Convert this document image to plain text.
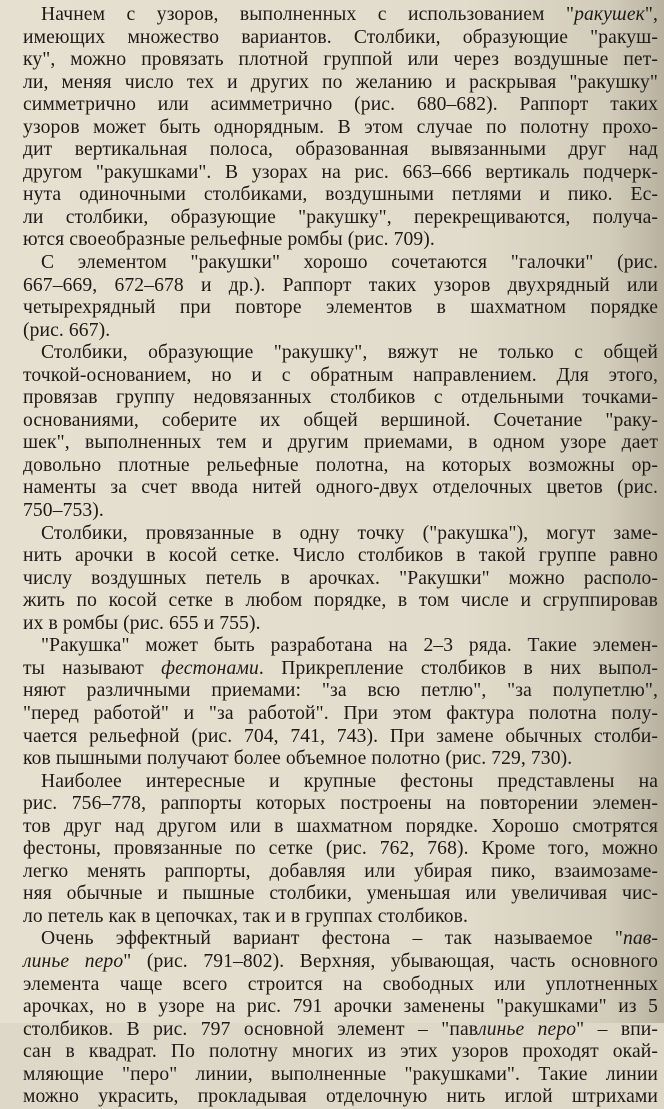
Начнем с узоров, выполненных с использованием "ракушек",
имеющих множество вариантов. Столбики, образующие "ракуш-
ку", можно провязать плотной группой или через воздушные пет-
ли, меняя число тех и других по желанию и раскрывая "ракушку"
симметрично или асимметрично (рис. 680–682). Раппорт таких
узоров может быть однорядным. В этом случае по полотну прохо-
дит вертикальная полоса, образованная вывязанными друг над
другом "ракушками". В узорах на рис. 663–666 вертикаль подчерк-
нута одиночными столбиками, воздушными петлями и пико. Ес-
ли столбики, образующие "ракушку", перекрещиваются, получа-
ются своеобразные рельефные ромбы (рис. 709).

С элементом "ракушки" хорошо сочетаются "галочки" (рис.
667–669, 672–678 и др.). Раппорт таких узоров двухрядный или
четырехрядный при повторе элементов в шахматном порядке
(рис. 667).

Столбики, образующие "ракушку", вяжут не только с общей
точкой-основанием, но и с обратным направлением. Для этого,
провязав группу недовязанных столбиков с отдельными точками-
основаниями, соберите их общей вершиной. Сочетание "раку-
шек", выполненных тем и другим приемами, в одном узоре дает
довольно плотные рельефные полотна, на которых возможны ор-
наменты за счет ввода нитей одного-двух отделочных цветов (рис.
750–753).

Столбики, провязанные в одну точку ("ракушка"), могут заме-
нить арочки в косой сетке. Число столбиков в такой группе равно
числу воздушных петель в арочках. "Ракушки" можно располо-
жить по косой сетке в любом порядке, в том числе и сгруппировав
их в ромбы (рис. 655 и 755).

"Ракушка" может быть разработана на 2–3 ряда. Такие элемен-
ты называют фестонами. Прикрепление столбиков в них выпол-
няют различными приемами: "за всю петлю", "за полупетлю",
"перед работой" и "за работой". При этом фактура полотна полу-
чается рельефной (рис. 704, 741, 743). При замене обычных столби-
ков пышными получают более объемное полотно (рис. 729, 730).

Наиболее интересные и крупные фестоны представлены на
рис. 756–778, раппорты которых построены на повторении элемен-
тов друг над другом или в шахматном порядке. Хорошо смотрятся
фестоны, провязанные по сетке (рис. 762, 768). Кроме того, можно
легко менять раппорты, добавляя или убирая пико, взаимозаме-
няя обычные и пышные столбики, уменьшая или увеличивая чис-
ло петель как в цепочках, так и в группах столбиков.

Очень эффектный вариант фестона – так называемое "пав-
линье перо" (рис. 791–802). Верхняя, убывающая, часть основного
элемента чаще всего строится на свободных или уплотненных
арочках, но в узоре на рис. 791 арочки заменены "ракушками" из 5
столбиков. В рис. 797 основной элемент – "павлинье перо" – впи-
сан в квадрат. По полотну многих из этих узоров проходят окай-
мляющие "перо" линии, выполненные "ракушками". Такие линии
можно украсить, прокладывая отделочную нить иглой штрихами
